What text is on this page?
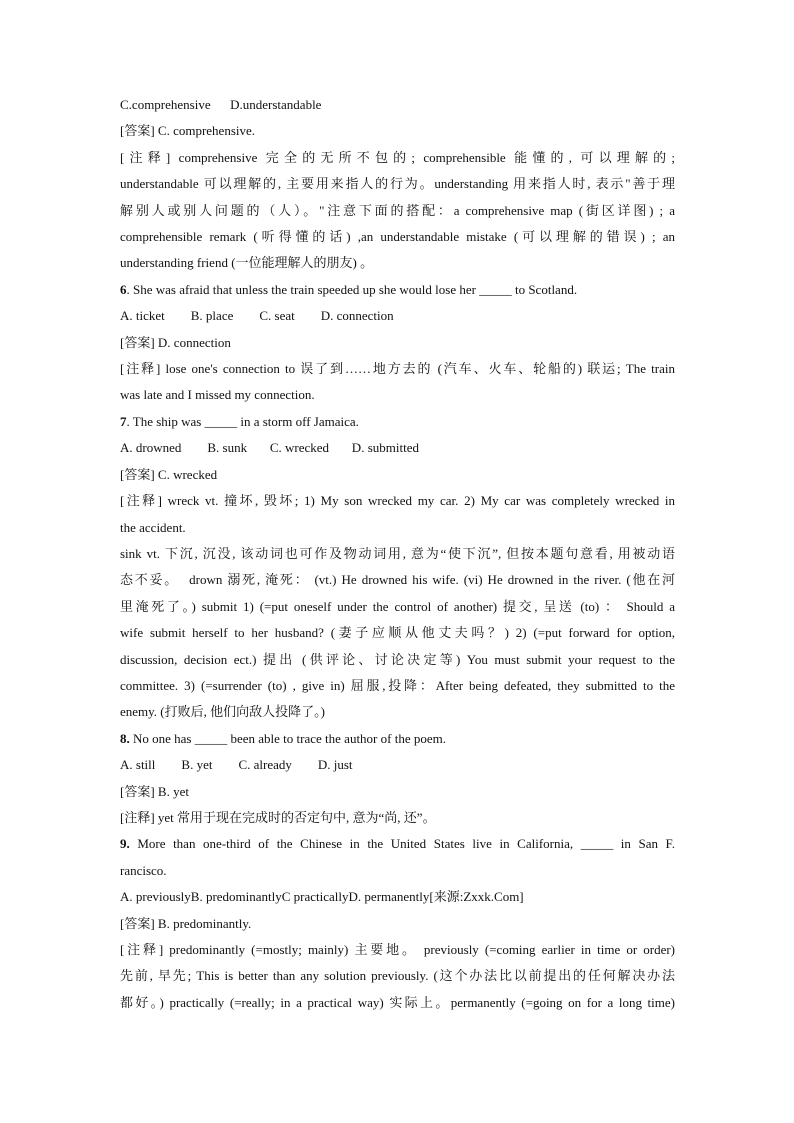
C.comprehensive D.understandable
[答案] C. comprehensive.
[注释] comprehensive 完全的无所不包的; comprehensible 能懂的, 可以理解的;
understandable 可以理解的, 主要用来指人的行为。understanding 用来指人时, 表示"善于理
解别人或别人问题的（人）。"注意下面的搭配：a comprehensive map (街区详图) ; a
comprehensible remark (听得懂的话) ,an understandable mistake (可以理解的错误) ; an
understanding friend (一位能理解人的朋友) 。
6. She was afraid that unless the train speeded up she would lose her _____ to Scotland.
A. ticket        B. place        C. seat        D. connection
[答案] D. connection
[注释] lose one's connection to 误了到……地方去的 (汽车、火车、轮船的) 联运; The train
was late and I missed my connection.
7. The ship was _____ in a storm off Jamaica.
A. drowned        B. sunk       C. wrecked       D. submitted
[答案] C. wrecked
[注释] wreck vt. 撞坏, 毁坏; 1) My son wrecked my car. 2) My car was completely wrecked in
the accident.
sink vt. 下沉, 沉没, 该动词也可作及物动词用, 意为“使下沉”, 但按本题句意看, 用被动语
态不妥。  drown 溺死, 淹死： (vt.) He drowned his wife. (vi) He drowned in the river. (他在河
里淹死了。) submit 1) (=put oneself under the control of another) 提交, 呈送 (to) ： Should a
wife submit herself to her husband? (妻子应顺从他丈夫吗？) 2) (=put forward for option,
discussion, decision ect.) 提出 (供评论、讨论决定等) You must submit your request to the
committee. 3) (=surrender (to) , give in) 屈服,投降：After being defeated, they submitted to the
enemy. (打败后, 他们向敌人投降了。)
8. No one has _____ been able to trace the author of the poem.
A. still        B. yet        C. already        D. just
[答案] B. yet
[注释] yet 常用于现在完成时的否定句中, 意为“尚, 还”。
9. More than one-third of the Chinese in the United States live in California, _____ in San F.
rancisco.
A. previouslyB. predominantlyC practicallyD. permanently[来源:Zxxk.Com]
[答案] B. predominantly.
[注释] predominantly (=mostly; mainly) 主要地。 previously (=coming earlier in time or order)
先前, 早先; This is better than any solution previously. (这个办法比以前提出的任何解决办法
都好。) practically (=really; in a practical way) 实际上。permanently (=going on for a long time)
